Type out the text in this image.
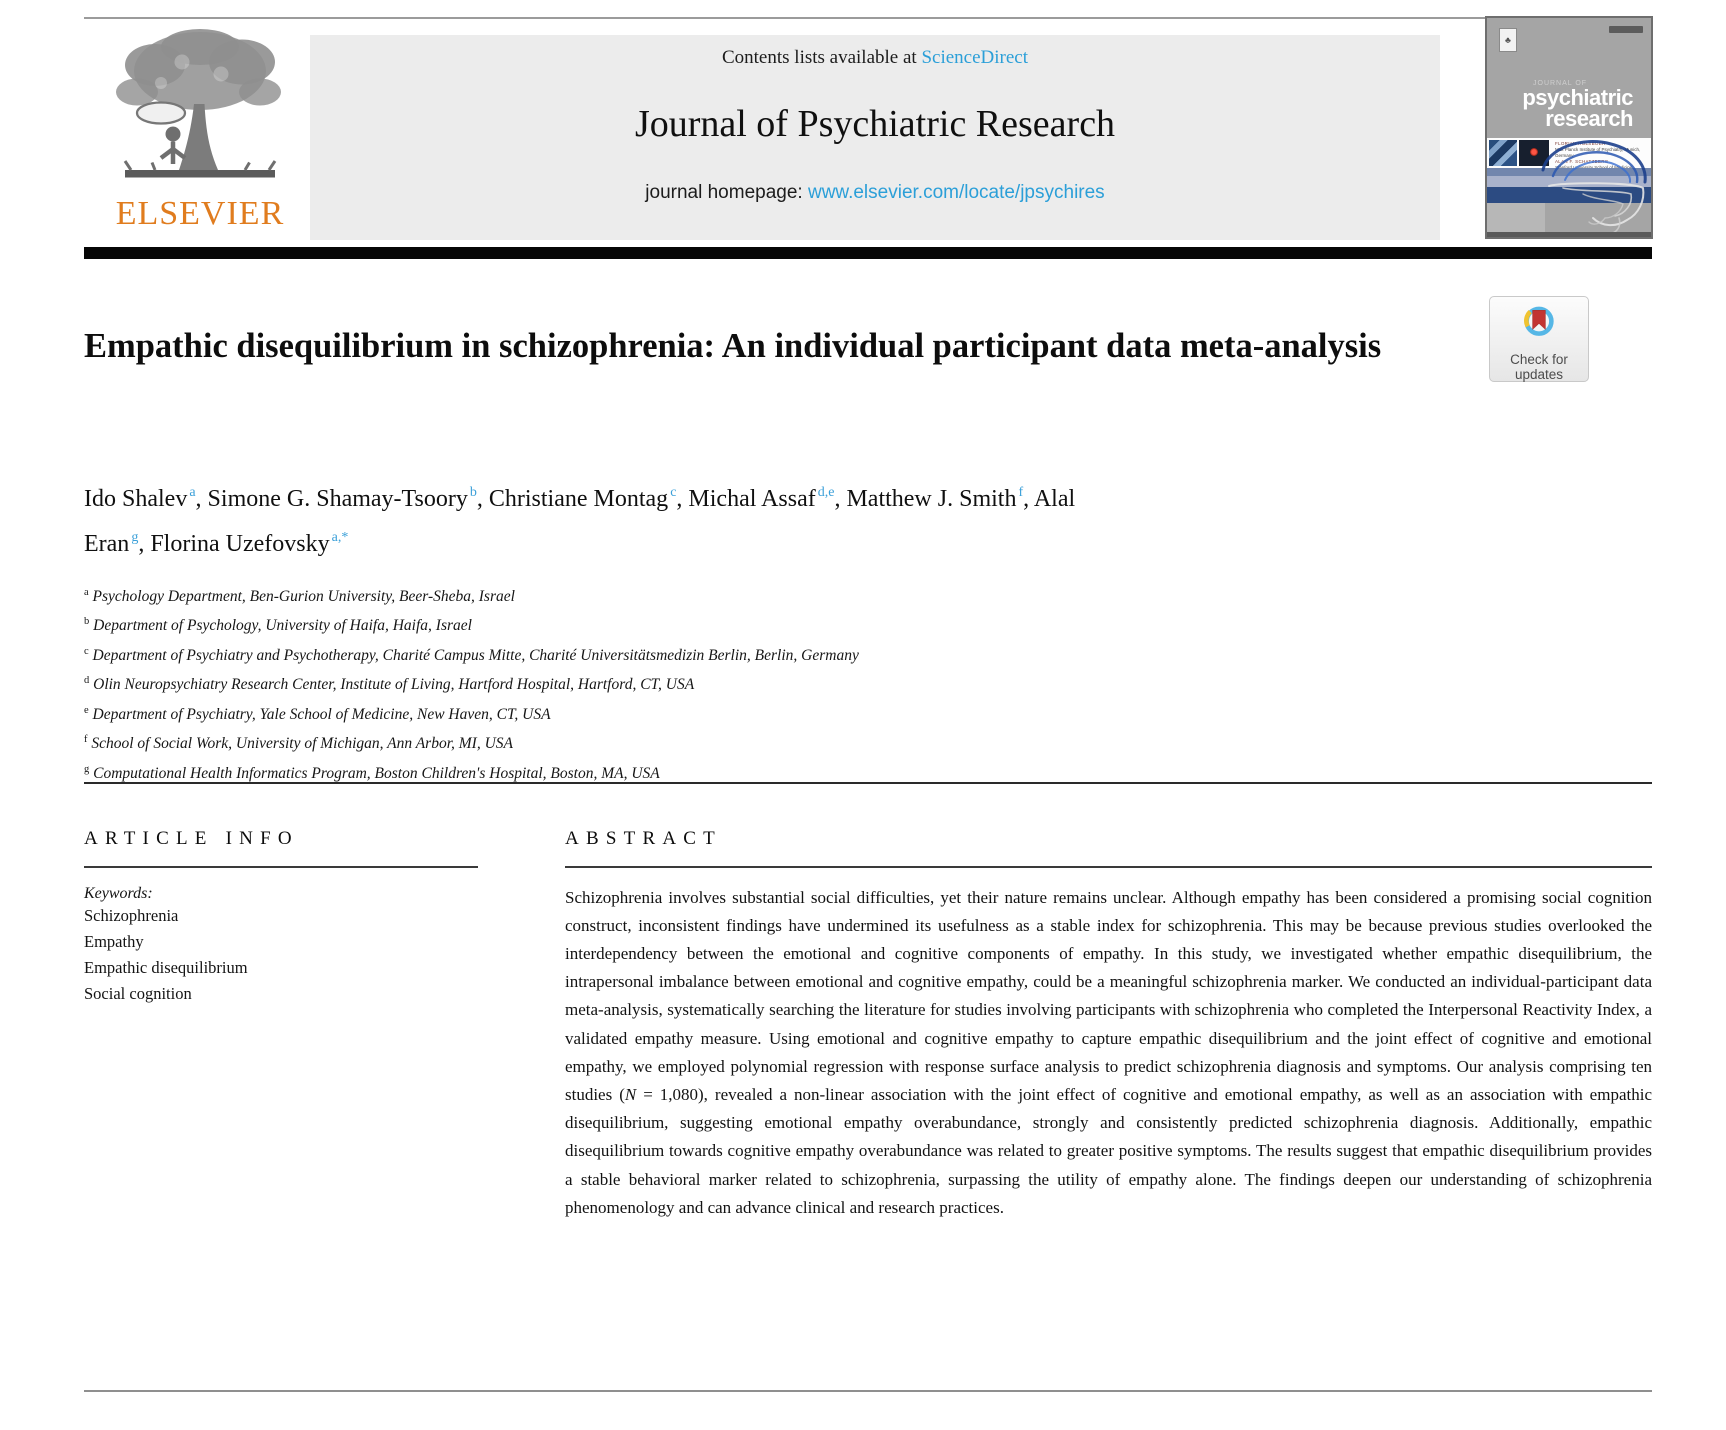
ELSEVIER
Contents lists available at ScienceDirect
Journal of Psychiatric Research
journal homepage: www.elsevier.com/locate/jpsychires
♣
JOURNAL OF
psychiatric
research
FLORIAN HOLSBOER
Max Planck Institute of Psychiatry, Munich, Germany
ALAN F. SCHATZBERG
Empathic disequilibrium in schizophrenia: An individual participant data meta-analysis	Check for
updates
Ido Shalev  $^a$, Simone G. Shamay-Tsoory  $^b$, Christiane Montag  $^c$, Michal Assaf  $^{d,e}$, Matthew J. Smith  $^f$, Alal Eran  $^g$, Florina Uzefovsky  $^{a,*}$
$^a$ Psychology Department, Ben-Gurion University, Beer-Sheba, Israel
$^b$ Department of Psychology, University of Haifa, Haifa, Israel
$^c$ Department of Psychiatry and Psychotherapy, Charité Campus Mitte, Charité Universitätsmedizin Berlin, Berlin, Germany
$^d$ Olin Neuropsychiatry Research Center, Institute of Living, Hartford Hospital, Hartford, CT, USA
$^e$ Department of Psychiatry, Yale School of Medicine, New Haven, CT, USA
$^f$ School of Social Work, University of Michigan, Ann Arbor, MI, USA
$^g$ Computational Health Informatics Program, Boston Children's Hospital, Boston, MA, USA
ARTICLE INFO
Keywords:
Schizophrenia
Empathy
Empathic disequilibrium
Social cognition
ABSTRACT

Schizophrenia involves substantial social difficulties, yet their nature remains unclear. Although empathy has been considered a promising social cognition construct, inconsistent findings have undermined its usefulness as a stable index for schizophrenia. This may be because previous studies overlooked the interdependency between the emotional and cognitive components of empathy. In this study, we investigated whether empathic disequilibrium, the intrapersonal imbalance between emotional and cognitive empathy, could be a meaningful schizophrenia marker. We conducted an individual-participant data meta-analysis, systematically searching the literature for studies involving participants with schizophrenia who completed the Interpersonal Reactivity Index, a validated empathy measure. Using emotional and cognitive empathy to capture empathic disequilibrium and the joint effect of cognitive and emotional empathy, we employed polynomial regression with response surface analysis to predict schizophrenia diagnosis and symptoms. Our analysis comprising ten studies (N = 1,080), revealed a non-linear association with the joint effect of cognitive and emotional empathy, as well as an association with empathic disequilibrium, suggesting emotional empathy overabundance, strongly and consistently predicted schizophrenia diagnosis. Additionally, empathic disequilibrium towards cognitive empathy overabundance was related to greater positive symptoms. The results suggest that empathic disequilibrium provides a stable behavioral marker related to schizophrenia, surpassing the utility of empathy alone. The findings deepen our understanding of schizophrenia phenomenology and can advance clinical and research practices.
